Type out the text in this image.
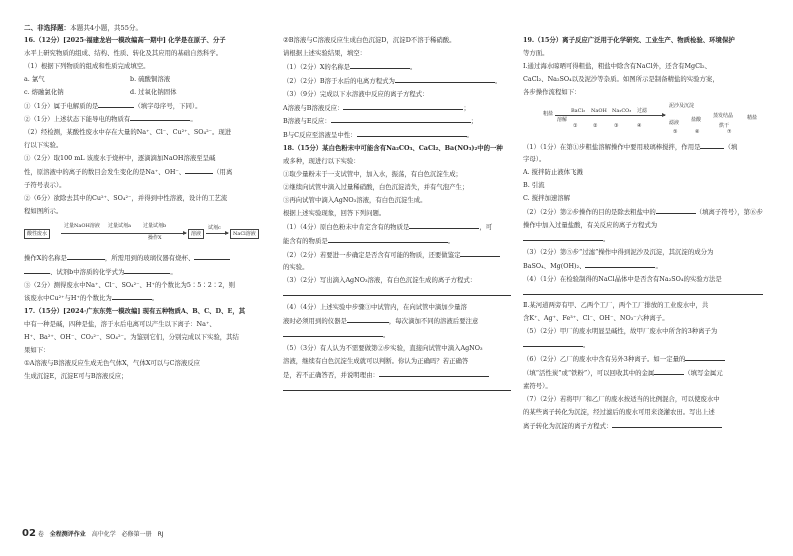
二、非选择题：本题共4小题，共55分。

16.（12分）[2025·福建龙岩一模改编高一期中] 化学是在原子、分子

水平上研究物质的组成、结构、性质、转化及其应用的基础自然科学。

（1）根据下列物质的组成和性质完成填空。

a. 氯气	b. 硫酸铜溶液

c. 熔融氯化钠	d. 过氧化钠固体

①（1分）属于电解质的是	（填字母序号，下同）。

②（1分）上述状态下能导电的物质有	。

（2）经检测，某酸性废水中存在大量的Na⁺、Cl⁻、Cu²⁺、SO₄²⁻。现进

行以下实验。

①（2分）取100 mL 该废水于烧杯中，逐滴滴加NaOH溶液至呈碱

性，原溶液中的离子的数目会发生变化的是Na⁺、OH⁻、	（用离

子符号表示）。

②（6分）欲除去其中的Cu²⁺、SO₄²⁻，并得到中性溶液，设计的工艺流

程如图所示。

酸性废水
过量NaOH溶液 过量试剂a 过量试剂b
操作X
溶液
试剂c
NaCl溶液

操作X的名称是	，所需用到的玻璃仪器有烧杯、

、试剂b中溶质的化学式为	。

③（2分）测得废水中Na⁺、Cl⁻、SO₄²⁻、H⁺的个数比为5∶5∶2∶2，则

该废水中Cu²⁺与H⁺的个数比为	。

17.（15分）[2024·广东东莞一模改编] 现有五种物质A、B、C、D、E，其

中有一种是碱，四种是盐，溶于水后电离可以产生以下离子：Na⁺、

H⁺、Ba²⁺、OH⁻、CO₃²⁻、SO₄²⁻。为鉴别它们，分别完成以下实验，其结

果如下：

①A溶液与B溶液反应生成无色气体X，气体X可以与C溶液反应

生成沉淀E，沉淀E可与B溶液反应；

②B溶液与C溶液反应生成白色沉淀D，沉淀D不溶于稀硝酸。

请根据上述实验结果，填空：

（1）（2分）X的名称是	。

（2）（2分）B溶于水后的电离方程式为	。

（3）（9分）完成以下水溶液中反应的离子方程式：

A溶液与B溶液反应：	；

B溶液与E反应：	；

B与C反应至溶液呈中性：	。

18.（15分）某白色粉末中可能含有Na₂CO₃、CaCl₂、Ba(NO₃)₂中的一种

或多种，现进行以下实验：

①取少量粉末于一支试管中，加入水，振荡，有白色沉淀生成；

②继续向试管中滴入过量稀硝酸，白色沉淀消失，并有气泡产生；

③再向试管中滴入AgNO₃溶液，有白色沉淀生成。

根据上述实验现象，回答下列问题。

（1）（4分）原白色粉末中肯定含有的物质是	，可

能含有的物质是	。

（2）（2分）若要进一步确定是否含有可能的物质，还要做鉴定

的实验。

（3）（2分）写出滴入AgNO₃溶液，有白色沉淀生成的离子方程式：

（4）（4分）上述实验中步骤③中试管内，在向试管中滴加少量溶

液时必须用到的仪器是	，每次滴加不同的溶液后要注意

。

（5）（3分）有人认为不需要做第②步实验，直接向试管中滴入AgNO₃

溶液，继续有白色沉淀生成就可以判断。你认为正确吗？若正确答

是，若不正确答否，并说明理由：

19.（15分）离子反应广泛用于化学研究、工业生产、物质检验、环境保护

等方面。

Ⅰ.通过海水晾晒可得粗盐，粗盐中除含有NaCl外，还含有MgCl₂、

CaCl₂、Na₂SO₄以及泥沙等杂质。如图所示是制备精盐的实验方案，

各步操作流程如下：

粗盐
溶解
BaCl₂ NaOH Na₂CO₃ 过滤
泥沙及沉淀
滤液 盐酸
蒸发结晶
烘干
精盐
①	②	③	④
⑤	⑥	⑦

（1）（1分）在第①步粗盐溶解操作中要用玻璃棒搅拌，作用是	（填

字母）。

A. 搅拌防止液体飞溅

B. 引流

C. 搅拌加速溶解

（2）（2分）第②步操作的目的是除去粗盐中的	（填离子符号），第⑥步操作中加入过量盐酸，有关反应的离子方程式为

。

（3）（2分）第⑤步“过滤”操作中得到泥沙及沉淀，其沉淀的成分为

BaSO₄、Mg(OH)₂、	。

（4）（1分）在检验制得的NaCl晶体中是否含有Na₂SO₄的实验方法是

Ⅱ.某河道两旁有甲、乙两个工厂，两个工厂排放的工业废水中，共

含K⁺、Ag⁺、Fe³⁺、Cl⁻、OH⁻、NO₃⁻六种离子。

（5）（2分）甲厂的废水明显呈碱性，故甲厂废水中所含的3种离子为

。

（6）（2分）乙厂的废水中含有另外3种离子。如一定量的

（填“活性炭”或“铁粉”），可以回收其中的金属	（填写金属元

素符号）。

（7）（2分）若将甲厂和乙厂的废水按适当的比例混合，可以使废水中

的某些离子转化为沉淀，经过滤后的废水可用来浇灌农田。写出上述

离子转化为沉淀的离子方程式：

02 卷 全程测评作业 高中化学 必修第一册 RJ
